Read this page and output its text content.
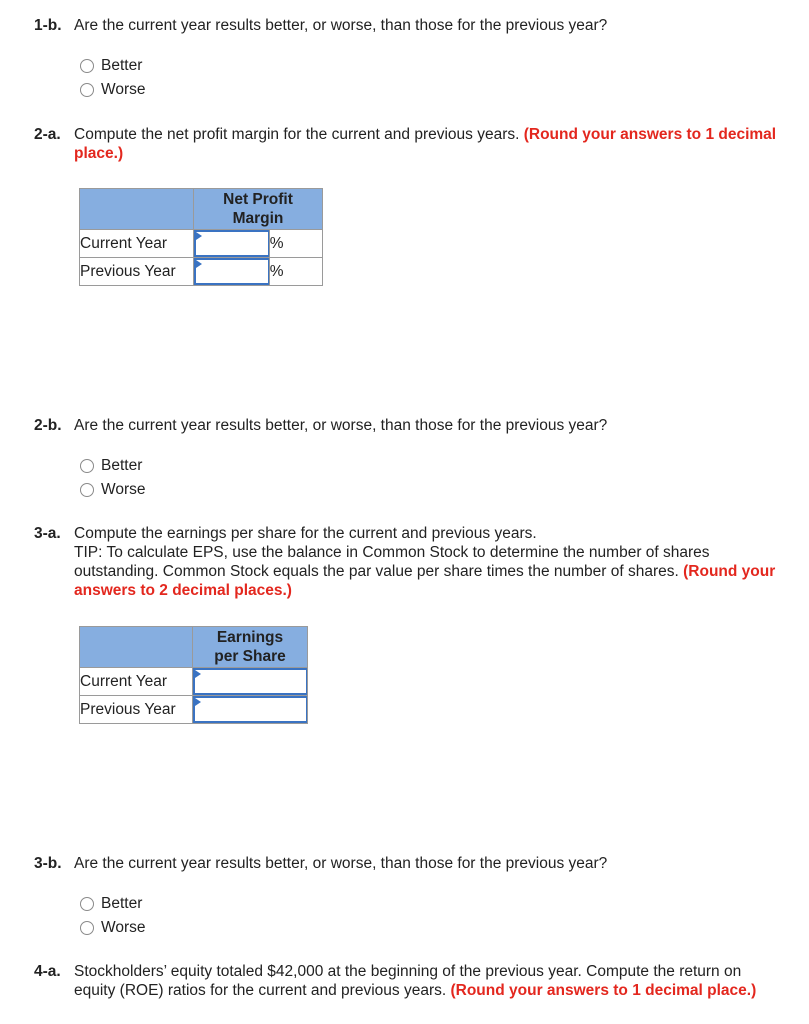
1-b. Are the current year results better, or worse, than those for the previous year?
Better
Worse
2-a. Compute the net profit margin for the current and previous years. (Round your answers to 1 decimal
place.)
	Net Profit
Margin	
Current Year		%
Previous Year		%
2-b. Are the current year results better, or worse, than those for the previous year?
Better
Worse
3-a. Compute the earnings per share for the current and previous years.
TIP: To calculate EPS, use the balance in Common Stock to determine the number of shares
outstanding. Common Stock equals the par value per share times the number of shares. (Round your
answers to 2 decimal places.)
	Earnings
per Share
Current Year	

Previous Year	
3-b. Are the current year results better, or worse, than those for the previous year?
Better
Worse
4-a. Stockholders’ equity totaled $42,000 at the beginning of the previous year. Compute the return on
equity (ROE) ratios for the current and previous years. (Round your answers to 1 decimal place.)
